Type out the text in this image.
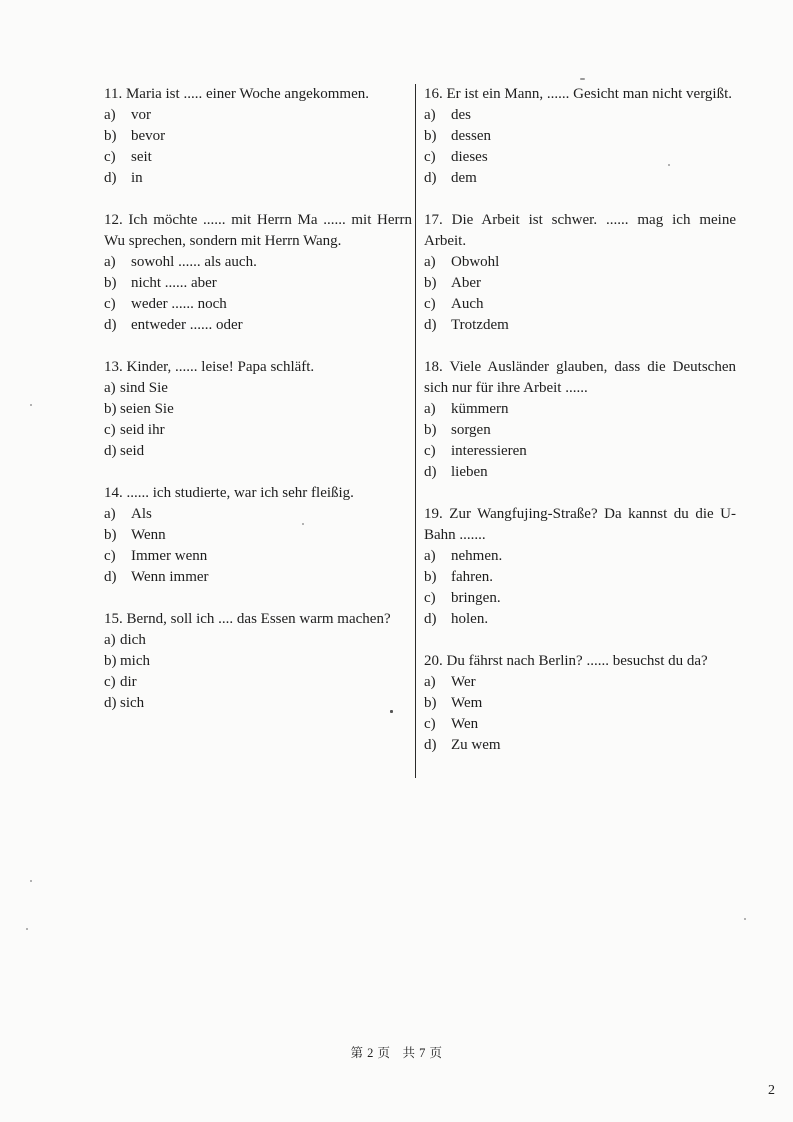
11. Maria ist ..... einer Woche angekommen.

a)	vor
b) bevor
c)	seit
d) in

12. Ich möchte ...... mit Herrn Ma ...... mit Herrn Wu sprechen, sondern mit Herrn Wang.

a)	sowohl ...... als auch.
b) nicht ...... aber
c)	weder ...... noch
d) entweder ...... oder

13. Kinder, ...... leise! Papa schläft.

a) sind Sie
b) seien Sie
c) seid ihr
d) seid

14. ...... ich studierte, war ich sehr fleißig.

a)	Als
b) Wenn
c)	Immer wenn
d) Wenn immer

15. Bernd, soll ich .... das Essen warm machen?

a) dich
b) mich
c) dir
d) sich

16. Er ist ein Mann, ...... Gesicht man nicht vergißt.

a)	des
b) dessen
c)	dieses
d) dem

17. Die Arbeit ist schwer. ...... mag ich meine Arbeit.

a)	Obwohl
b) Aber
c)	Auch
d) Trotzdem

18. Viele Ausländer glauben, dass die Deutschen sich nur für ihre Arbeit ......

a)	kümmern
b) sorgen
c)	interessieren
d) lieben

19. Zur Wangfujing-Straße? Da kannst du die U-Bahn .......

a)	nehmen.
b) fahren.
c)	bringen.
d) holen.

20. Du fährst nach Berlin? ...... besuchst du da?

a)	Wer
b) Wem
c)	Wen
d) Zu wem
第 2 页 共 7 页
2
